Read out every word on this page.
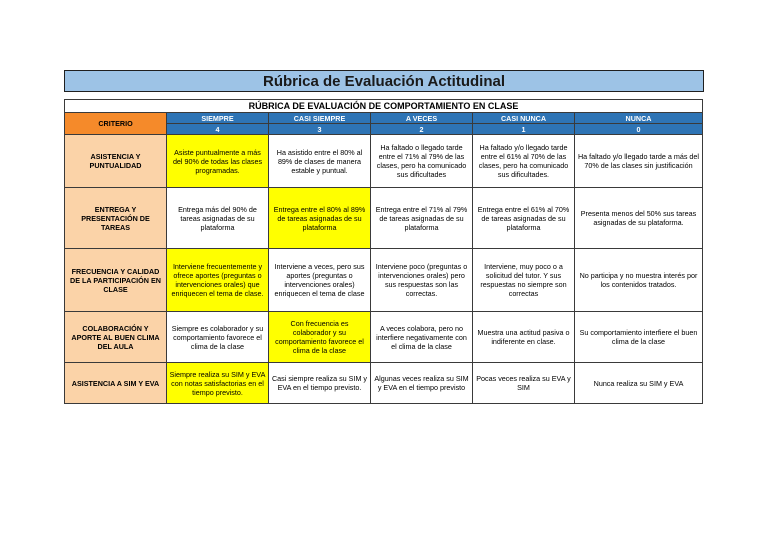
Rúbrica de Evaluación Actitudinal
RÚBRICA DE EVALUACIÓN DE COMPORTAMIENTO EN CLASE					
CRITERIO	SIEMPRE	CASI SIEMPRE	A VECES	CASI NUNCA	NUNCA
	4	3	2	1	0
ASISTENCIA Y PUNTUALIDAD	Asiste puntualmente a más del 90% de todas las clases programadas.	Ha asistido entre el 80% al 89% de clases de manera estable y puntual.	Ha faltado o llegado tarde entre el 71% al 79% de las clases, pero ha comunicado sus dificultades	Ha faltado y/o llegado tarde entre el 61% al 70% de las clases, pero ha comunicado sus dificultades.	Ha faltado y/o llegado tarde a más del 70% de las clases sin justificación
ENTREGA Y PRESENTACIÓN DE TAREAS	Entrega más del 90% de tareas asignadas de su plataforma	Entrega entre el 80% al 89% de tareas asignadas de su plataforma	Entrega entre el 71% al 79% de tareas asignadas de su plataforma	Entrega entre el 61% al 70% de tareas asignadas de su plataforma	Presenta menos del 50% sus tareas asignadas de su plataforma.
FRECUENCIA Y CALIDAD DE LA PARTICIPACIÓN EN CLASE	Interviene frecuentemente y ofrece aportes (preguntas o intervenciones orales) que enriquecen el tema de clase.	Interviene a veces, pero sus aportes (preguntas o intervenciones orales) enriquecen el tema de clase	Interviene poco (preguntas o intervenciones orales) pero sus respuestas son las correctas.	Interviene, muy poco o a solicitud del tutor. Y sus respuestas no siempre son correctas	No participa y no muestra interés por los contenidos tratados.
COLABORACIÓN Y APORTE AL BUEN CLIMA DEL AULA	Siempre es colaborador y su comportamiento favorece el clima de la clase	Con frecuencia es colaborador y su comportamiento favorece el clima de la clase	A veces colabora, pero no interfiere negativamente con el clima de la clase	Muestra una actitud pasiva o indiferente en clase.	Su comportamiento interfiere el buen clima de la clase
ASISTENCIA A SIM Y EVA	Siempre realiza su SIM y EVA con notas satisfactorias en el tiempo previsto.	Casi siempre realiza su SIM y EVA en el tiempo previsto.	Algunas veces realiza su SIM y EVA en el tiempo previsto	Pocas veces realiza su EVA y SIM	Nunca realiza su SIM y EVA
